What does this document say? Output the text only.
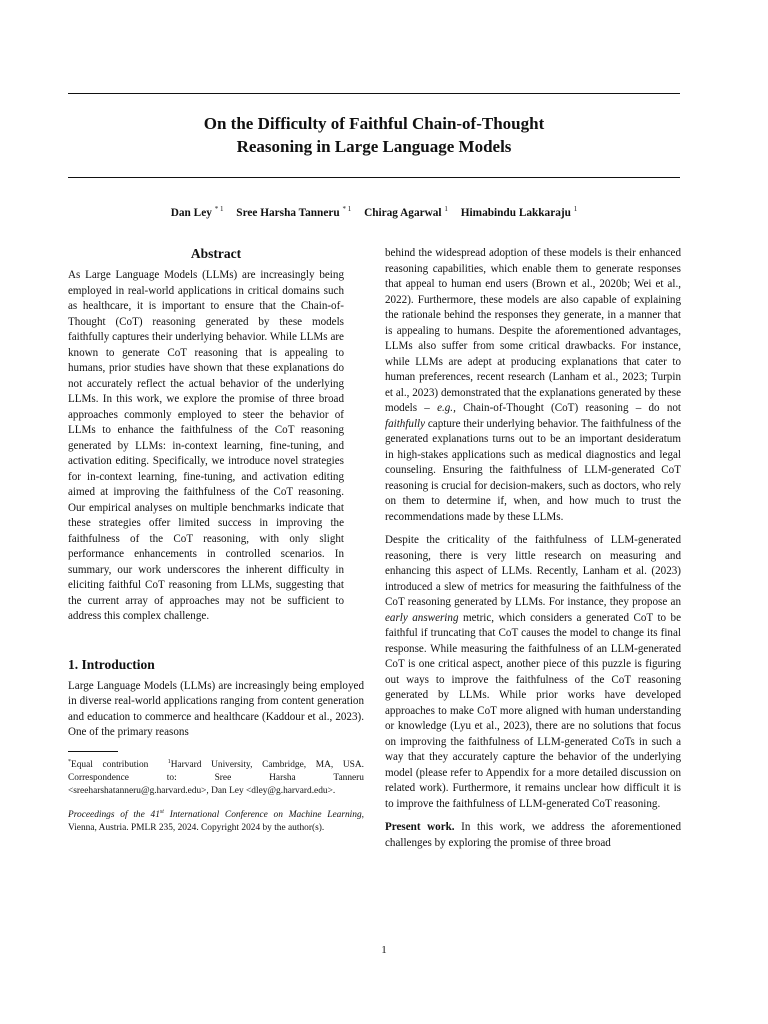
On the Difficulty of Faithful Chain-of-Thought
Reasoning in Large Language Models
Dan Ley $^{* 1}$ Sree Harsha Tanneru $^{* 1}$ Chirag Agarwal $^1$ Himabindu Lakkaraju $^1$
Abstract

As Large Language Models (LLMs) are increasingly being employed in real-world applications in critical domains such as healthcare, it is important to ensure that the Chain-of-Thought (CoT) reasoning generated by these models faithfully captures their underlying behavior. While LLMs are known to generate CoT reasoning that is appealing to humans, prior studies have shown that these explanations do not accurately reflect the actual behavior of the underlying LLMs. In this work, we explore the promise of three broad approaches commonly employed to steer the behavior of LLMs to enhance the faithfulness of the CoT reasoning generated by LLMs: in-context learning, fine-tuning, and activation editing. Specifically, we introduce novel strategies for in-context learning, fine-tuning, and activation editing aimed at improving the faithfulness of the CoT reasoning. Our empirical analyses on multiple benchmarks indicate that these strategies offer limited success in improving the faithfulness of the CoT reasoning, with only slight performance enhancements in controlled scenarios. In summary, our work underscores the inherent difficulty in eliciting faithful CoT reasoning from LLMs, suggesting that the current array of approaches may not be sufficient to address this complex challenge.

1. Introduction

Large Language Models (LLMs) are increasingly being employed in diverse real-world applications ranging from content generation and education to commerce and healthcare (Kaddour et al., 2023). One of the primary reasons

*Equal contribution	$^1$Harvard University, Cambridge, MA, USA. Correspondence to: Sree Harsha Tanneru <sreeharshatanneru@g.harvard.edu>, Dan Ley <dley@g.harvard.edu>.

Proceedings of the 41st International Conference on Machine Learning, Vienna, Austria. PMLR 235, 2024. Copyright 2024 by the author(s).

behind the widespread adoption of these models is their enhanced reasoning capabilities, which enable them to generate responses that appeal to human end users (Brown et al., 2020b; Wei et al., 2022). Furthermore, these models are also capable of explaining the rationale behind the responses they generate, in a manner that is appealing to humans. Despite the aforementioned advantages, LLMs also suffer from some critical drawbacks. For instance, while LLMs are adept at producing explanations that cater to human preferences, recent research (Lanham et al., 2023; Turpin et al., 2023) demonstrated that the explanations generated by these models – e.g., Chain-of-Thought (CoT) reasoning – do not faithfully capture their underlying behavior. The faithfulness of the generated explanations turns out to be an important desideratum in high-stakes applications such as medical diagnostics and legal counseling. Ensuring the faithfulness of LLM-generated CoT reasoning is crucial for decision-makers, such as doctors, who rely on them to determine if, when, and how much to trust the recommendations made by these LLMs.

Despite the criticality of the faithfulness of LLM-generated reasoning, there is very little research on measuring and enhancing this aspect of LLMs. Recently, Lanham et al. (2023) introduced a slew of metrics for measuring the faithfulness of the CoT reasoning generated by LLMs. For instance, they propose an early answering metric, which considers a generated CoT to be faithful if truncating that CoT causes the model to change its final response. While measuring the faithfulness of an LLM-generated CoT is one critical aspect, another piece of this puzzle is figuring out ways to improve the faithfulness of the CoT reasoning generated by LLMs. While prior works have developed approaches to make CoT more aligned with human understanding or knowledge (Lyu et al., 2023), there are no solutions that focus on improving the faithfulness of LLM-generated CoTs in such a way that they accurately capture the behavior of the underlying model (please refer to Appendix for a more detailed discussion on related work). Furthermore, it remains unclear how difficult it is to improve the faithfulness of LLM-generated CoT reasoning.

Present work. In this work, we address the aforementioned challenges by exploring the promise of three broad

1
